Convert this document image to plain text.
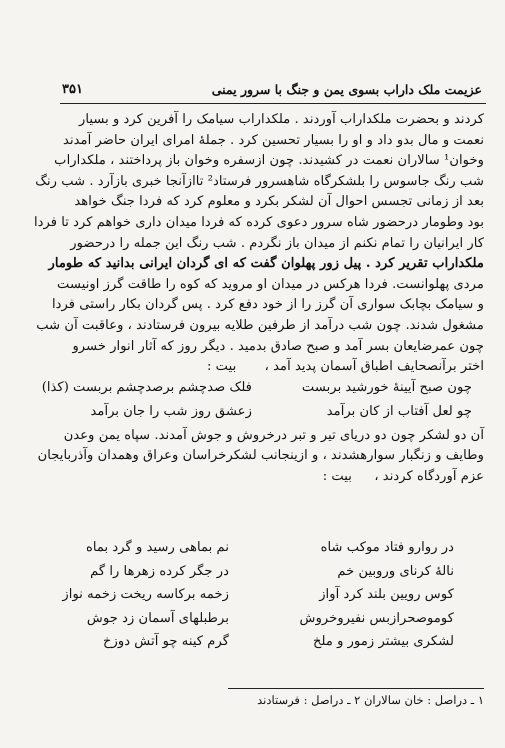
عزیمت ملک داراب بسوی یمن و جنگ با سرور یمنی
۳۵۱
کردند و بحضرت ملکداراب آوردند . ملکداراب سیامک را آفرین کرد و بسیار
نعمت و مال بدو داد و او را بسیار تحسین کرد . جملهٔ امرای ایران حاضر آمدند
وخوان¹ سالاران نعمت در کشیدند. چون ازسفره وخوان باز پرداختند ، ملکداراب
شب رنگ جاسوس را بلشکرگاه شاهسرور فرستاد² تاازآنجا خبری بازآرد . شب رنگ
بعد از زمانی تجسس احوال آن لشکر بکرد و معلوم کرد که فردا جنگ خواهد
بود وطومار درحضور شاه سرور دعوی کرده که فردا میدان داری خواهم کرد تا فردا
کار ایرانیان را تمام نکنم از میدان باز نگردم . شب رنگ این جمله را درحضور
ملکداراب تقریر کرد . پیل زور پهلوان گفت که ای گردان ایرانی بدانید که طومار
مردی پهلوانست. فردا هرکس در میدان او مروید که کوه را طاقت گرز اونیست
و سیامک بچابک سواری آن گرز را از خود دفع کرد . پس گردان بکار راستی فردا
مشغول شدند. چون شب درآمد از طرفین طلایه بیرون فرستادند ، وعاقبت آن شب
چون عمرضایعان بسر آمد و صبح صادق بدمید . دیگر روز که آثار انوار خسرو
اختر برآنصحایف اطباق آسمان پدید آمد ،  بیت :
چون صبح آیینهٔ خورشید بربست
فلک صدچشم برصدچشم بربست (کذا)
چو لعل آفتاب از کان برآمد
زعشق روز شب را جان برآمد
آن دو لشکر چون دو دریای تیر و تبر درخروش و جوش آمدند. سپاه یمن وعدن
وطایف و زنگبار سوارهشدند ، و ازینجانب لشکرخراسان وعراق وهمدان وآذربایجان
عزم آوردگاه کردند ،  بیت :
در روارو فتاد موکب شاه
نم بماهی رسید و گرد بماه
نالهٔ کرنای وروبین خم
در جگر کرده زهرها را گم
کوس رویین بلند کرد آواز
زخمه برکاسه ریخت زخمه نواز
کوموصحرازبس نفیروخروش
برطبلهای آسمان زد جوش
لشکری بیشتر زمور و ملخ
گرم کینه چو آتش دوزخ
۱ ـ دراصل : خان سالاران ۲ ـ دراصل : فرستادند
